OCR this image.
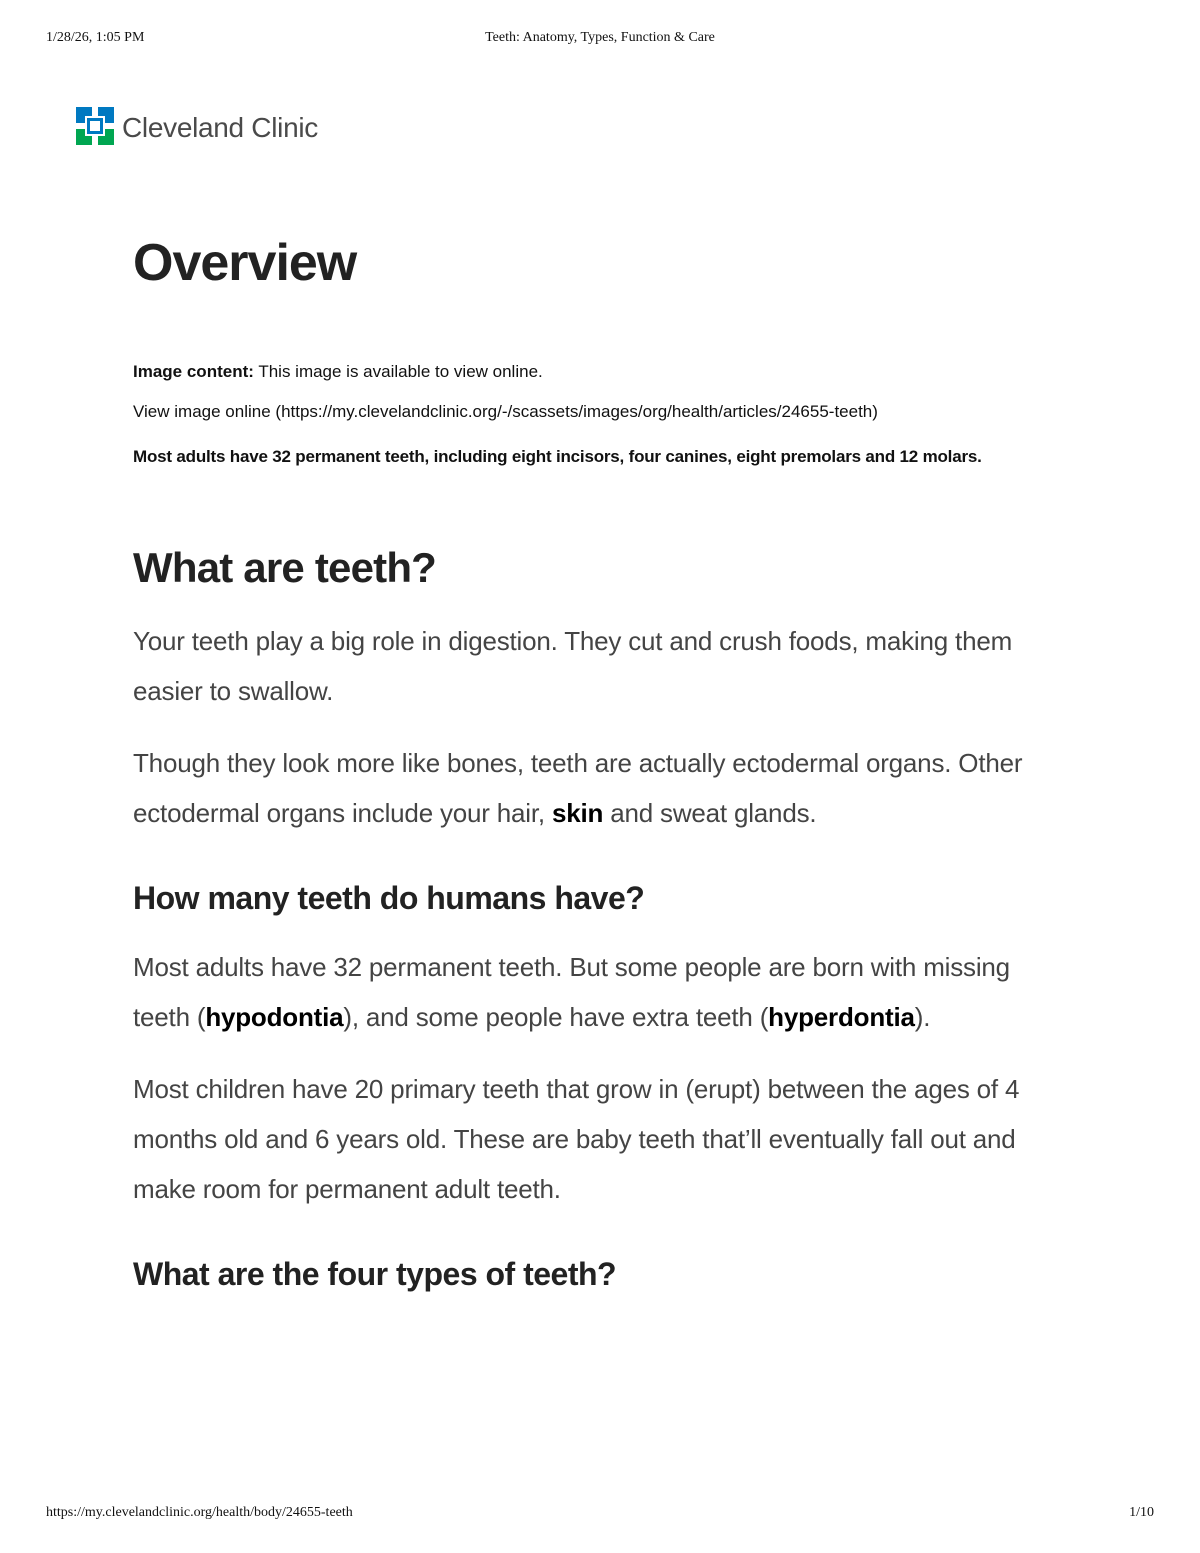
1/28/26, 1:05 PM	Teeth: Anatomy, Types, Function & Care
Cleveland Clinic
Overview

Image content: This image is available to view online.

View image online (https://my.clevelandclinic.org/-/scassets/images/org/health/articles/24655-teeth)

Most adults have 32 permanent teeth, including eight incisors, four canines, eight premolars and 12 molars.

What are teeth?

Your teeth play a big role in digestion. They cut and crush foods, making them easier to swallow.

Though they look more like bones, teeth are actually ectodermal organs. Other ectodermal organs include your hair, skin and sweat glands.

How many teeth do humans have?

Most adults have 32 permanent teeth. But some people are born with missing teeth (hypodontia), and some people have extra teeth (hyperdontia).

Most children have 20 primary teeth that grow in (erupt) between the ages of 4 months old and 6 years old. These are baby teeth that’ll eventually fall out and make room for permanent adult teeth.

What are the four types of teeth?
https://my.clevelandclinic.org/health/body/24655-teeth	1/10
